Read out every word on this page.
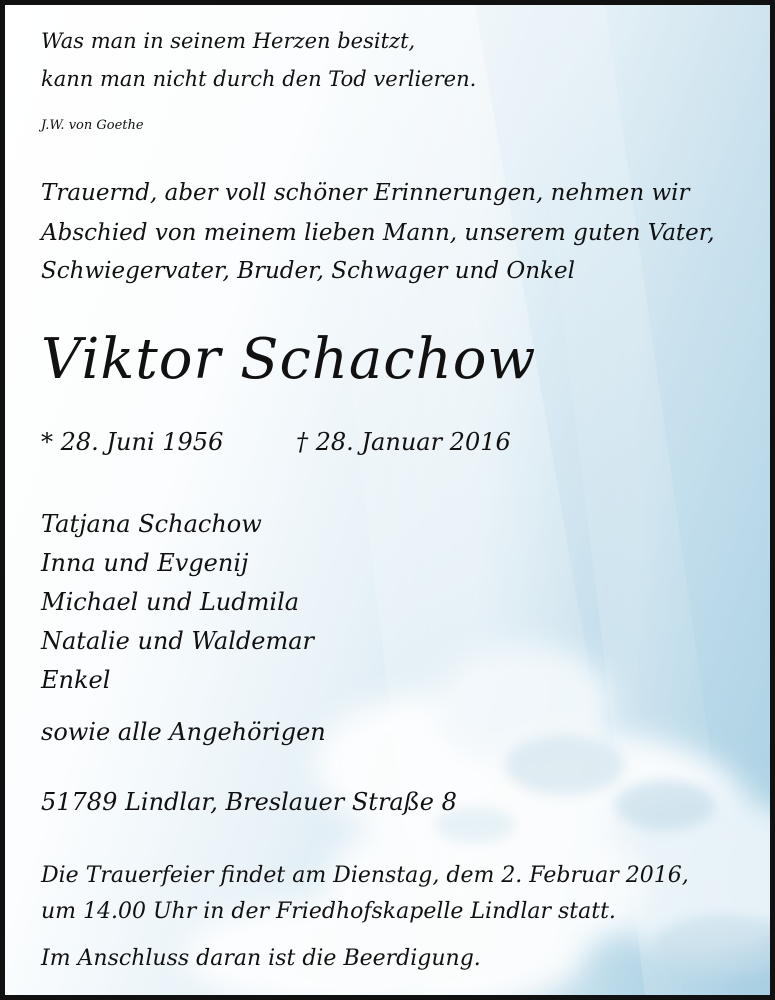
Was man in seinem Herzen besitzt,

kann man nicht durch den Tod verlieren.

J.W. von Goethe

Trauernd, aber voll schöner Erinnerungen, nehmen wir

Abschied von meinem lieben Mann, unserem guten Vater,

Schwiegervater, Bruder, Schwager und Onkel

Viktor Schachow

* 28. Juni 1956	† 28. Januar 2016

Tatjana Schachow

Inna und Evgenij

Michael und Ludmila

Natalie und Waldemar

Enkel

sowie alle Angehörigen

51789 Lindlar, Breslauer Straße 8

Die Trauerfeier findet am Dienstag, dem 2. Februar 2016,

um 14.00 Uhr in der Friedhofskapelle Lindlar statt.

Im Anschluss daran ist die Beerdigung.
